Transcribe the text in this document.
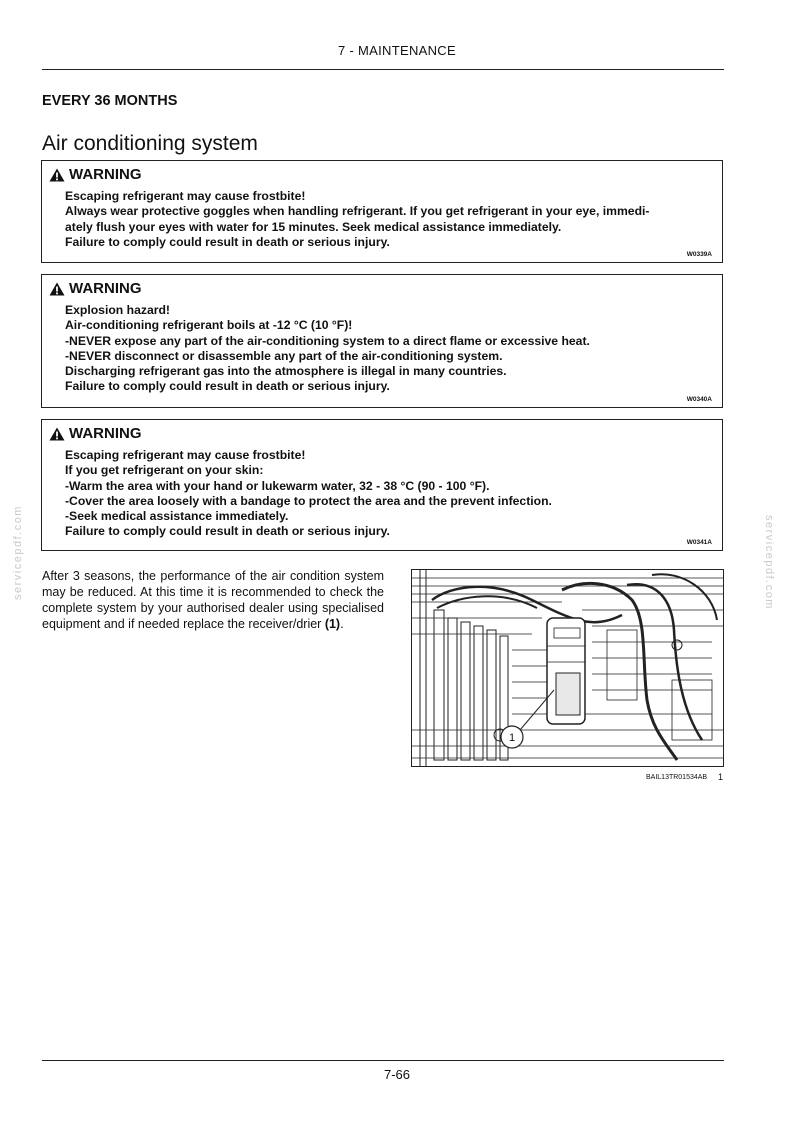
7 - MAINTENANCE
EVERY 36 MONTHS
Air conditioning system
WARNING
Escaping refrigerant may cause frostbite!
Always wear protective goggles when handling refrigerant. If you get refrigerant in your eye, immedi-
ately flush your eyes with water for 15 minutes. Seek medical assistance immediately.
Failure to comply could result in death or serious injury.
W0339A
WARNING
Explosion hazard!
Air-conditioning refrigerant boils at -12 °C (10 °F)!
-NEVER expose any part of the air-conditioning system to a direct flame or excessive heat.
-NEVER disconnect or disassemble any part of the air-conditioning system.
Discharging refrigerant gas into the atmosphere is illegal in many countries.
Failure to comply could result in death or serious injury.
W0340A
WARNING
Escaping refrigerant may cause frostbite!
If you get refrigerant on your skin:
-Warm the area with your hand or lukewarm water, 32 - 38 °C (90 - 100 °F).
-Cover the area loosely with a bandage to protect the area and the prevent infection.
-Seek medical assistance immediately.
Failure to comply could result in death or serious injury.
W0341A
After 3 seasons, the performance of the air condition system may be reduced. At this time it is recommended to check the complete system by your authorised dealer using specialised equipment and if needed replace the receiver/drier (1).
1
BAIL13TR01534AB 1
servicepdf.com	servicepdf.com
7-66
